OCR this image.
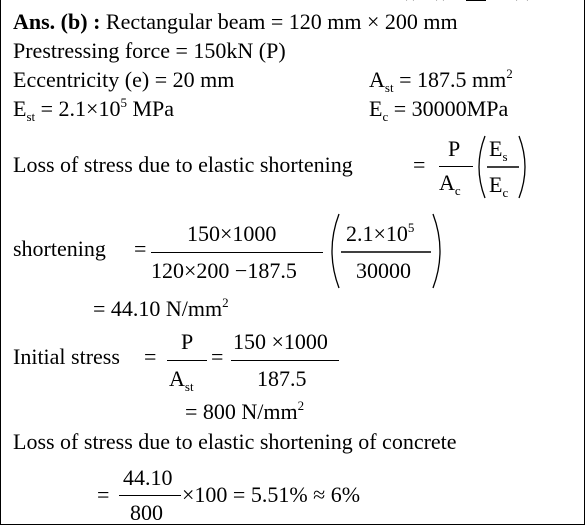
Ans. (b) : Rectangular beam = 120 mm × 200 mm
Prestressing force = 150kN (P)
Eccentricity (e) = 20 mm	$A_{st} = 187.5$ $mm^2$
$E_{st} = 2.1\times 10^5$ MPa	$E_c = 30000MPa$
Loss of stress due to elastic shortening	=
P
$A_c$
$E_s$
$E_c$
shortening =
150×1000
120×200 −187.5
$2.1\times 10^5$
30000
= 44.10 $N/mm^2$
Initial stress =
P
$A_{st}$
=
150 ×1000
187.5
= 800 $N/mm^2$
Loss of stress due to elastic shortening of concrete
=
44.10
800
×100 = 5.51% ≈ 6%
